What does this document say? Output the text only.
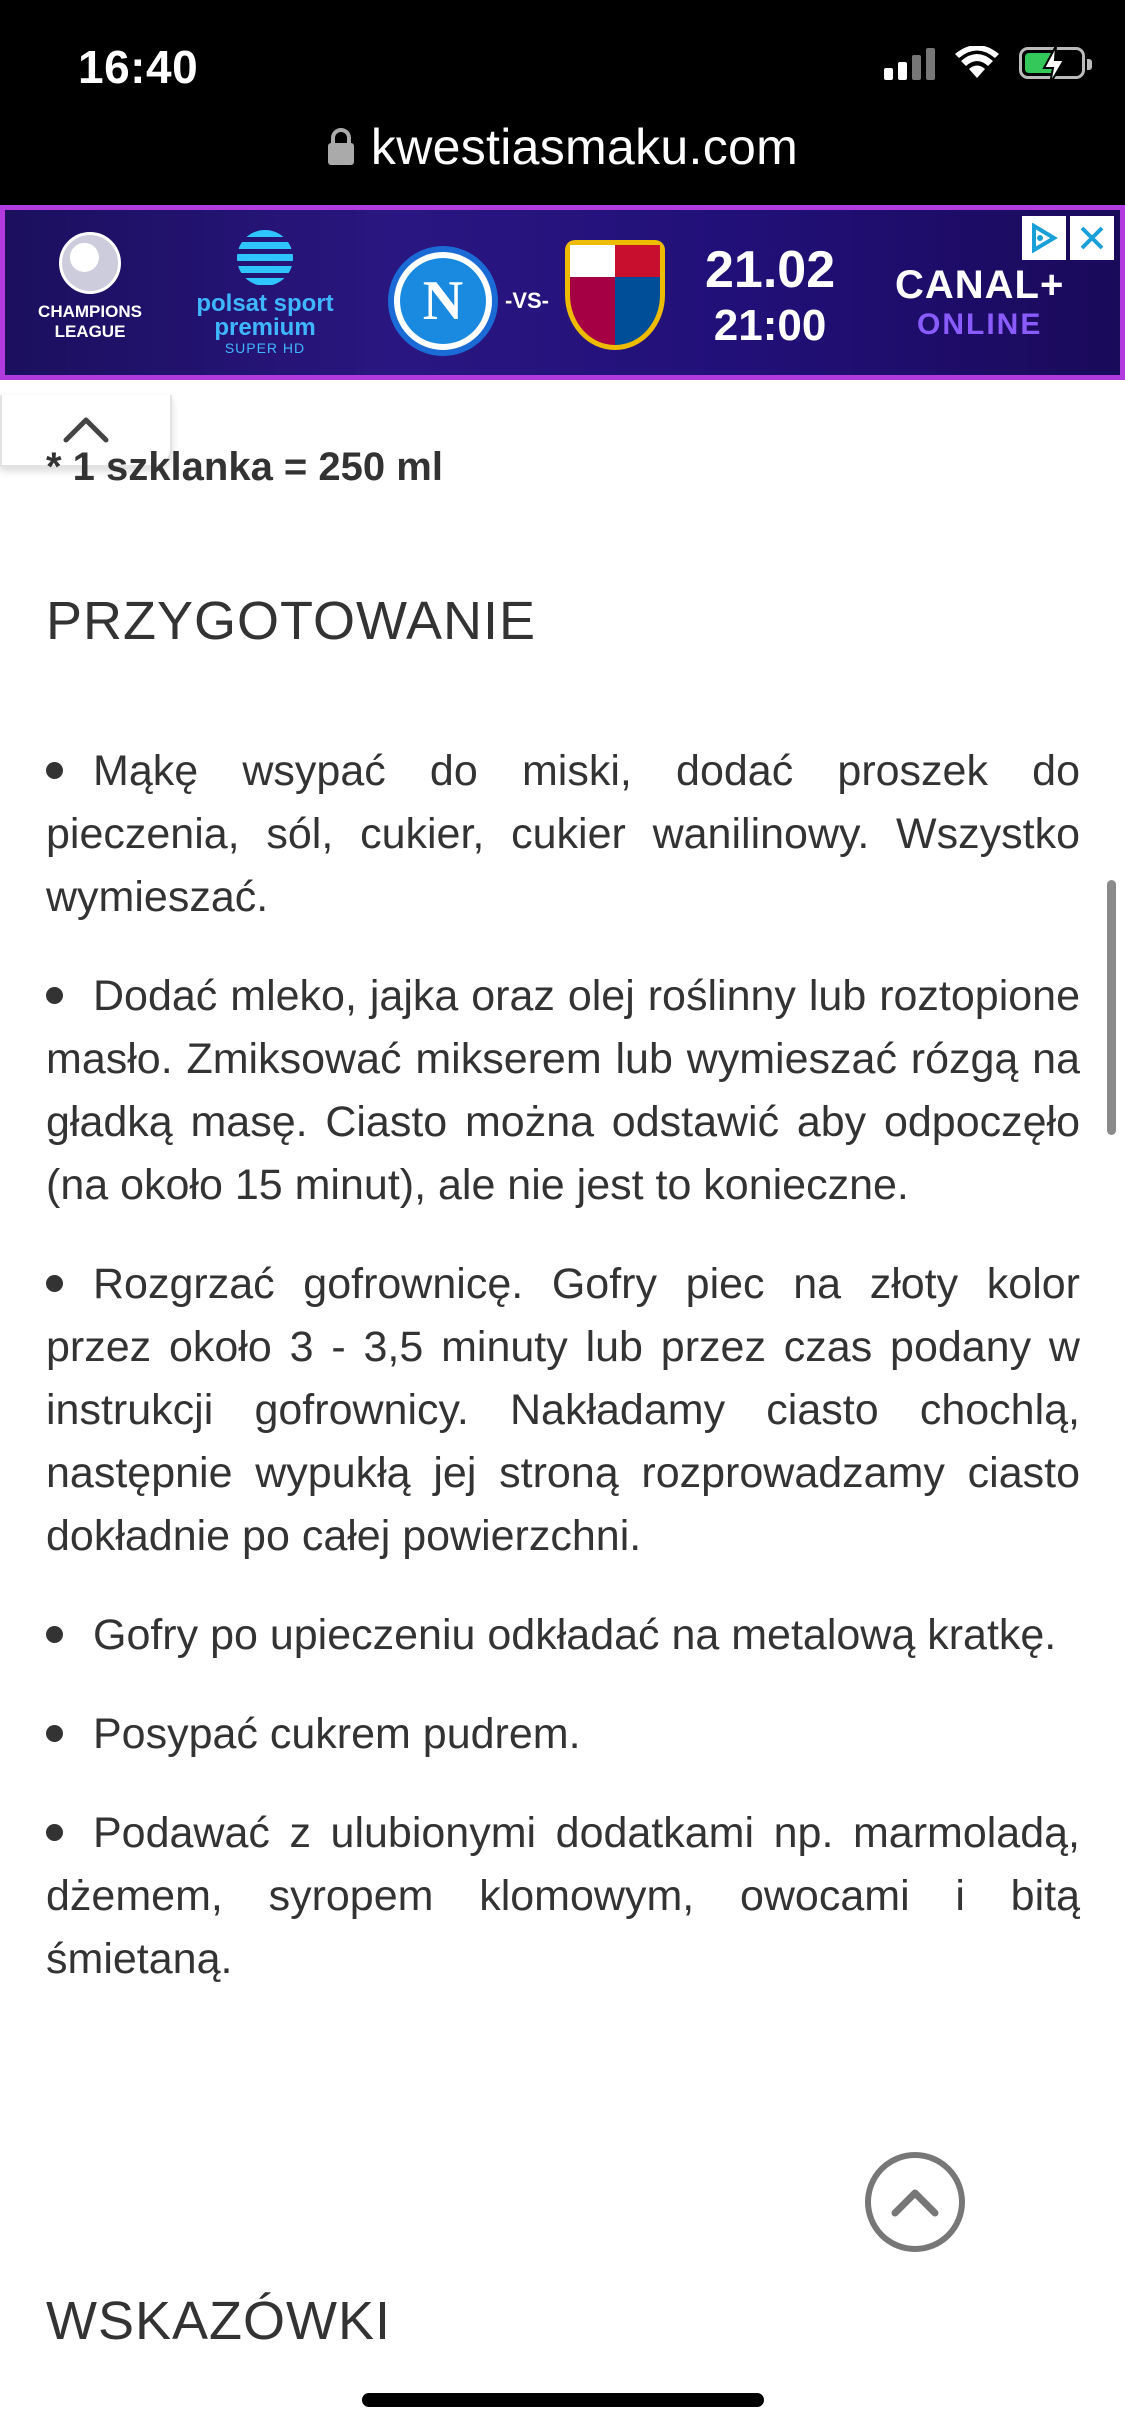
16:40
kwestiasmaku.com
CHAMPIONS LEAGUE
polsat sport
premium
SUPER HD
N	-VS-
21.02
21:00
CANAL+
ONLINE
* 1 szklanka = 250 ml
PRZYGOTOWANIE
Mąkę wsypać do miski, dodać proszek do pieczenia, sól, cukier, cukier wanilinowy. Wszystko wymieszać.
Dodać mleko, jajka oraz olej roślinny lub roztopione masło. Zmiksować mikserem lub wymieszać rózgą na gładką masę. Ciasto można odstawić aby odpoczęło (na około 15 minut), ale nie jest to konieczne.
Rozgrzać gofrownicę. Gofry piec na złoty kolor przez około 3 - 3,5 minuty lub przez czas podany w instrukcji gofrownicy. Nakładamy ciasto chochlą, następnie wypukłą jej stroną rozprowadzamy ciasto dokładnie po całej powierzchni.
Gofry po upieczeniu odkładać na metalową kratkę.
Posypać cukrem pudrem.
Podawać z ulubionymi dodatkami np. marmoladą, dżemem, syropem klomowym, owocami i bitą śmietaną.
WSKAZÓWKI
